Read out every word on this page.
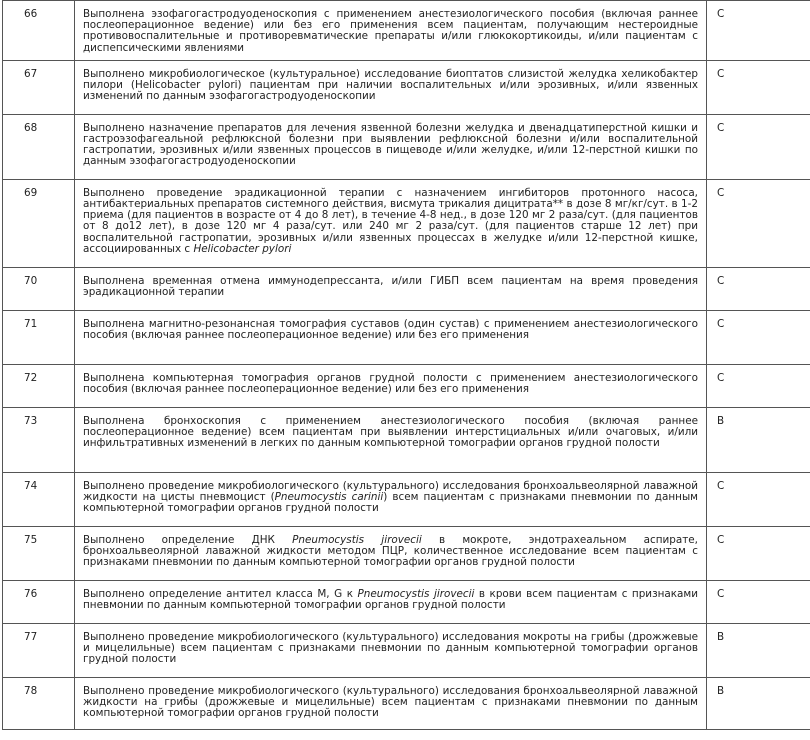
66	Выполнена эзофагогастродуоденоскопия с применением анестезиологического пособия (включая раннее послеоперационное ведение) или без его применения всем пациентам, получающим нестероидные противовоспалительные и противоревматические препараты и/или глюкокортикоиды, и/или пациентам с диспепсическими явлениями	С
67	Выполнено микробиологическое (культуральное) исследование биоптатов слизистой желудка хеликобактер пилори (Helicobacter pylori) пациентам при наличии воспалительных и/или эрозивных, и/или язвенных изменений по данным эзофагогастродуоденоскопии	С
68	Выполнено назначение препаратов для лечения язвенной болезни желудка и двенадцатиперстной кишки и гастроэзофагеальной рефлюксной болезни при выявлении рефлюксной болезни и/или воспалительной гастропатии, эрозивных и/или язвенных процессов в пищеводе и/или желудке, и/или 12-перстной кишки по данным эзофагогастродуоденоскопии	С
69	Выполнено проведение эрадикационной терапии с назначением ингибиторов протонного насоса, антибактериальных препаратов системного действия, висмута трикалия дицитрата** в дозе 8 мг/кг/сут. в 1-2 приема (для пациентов в возрасте от 4 до 8 лет), в течение 4-8 нед., в дозе 120 мг 2 раза/сут. (для пациентов от 8 до12 лет), в дозе 120 мг 4 раза/сут. или 240 мг 2 раза/сут. (для пациентов старше 12 лет) при воспалительной гастропатии, эрозивных и/или язвенных процессах в желудке и/или 12-перстной кишке, ассоциированных с Helicobacter pylori	С
70	Выполнена временная отмена иммунодепрессанта, и/или ГИБП всем пациентам на время проведения эрадикационной терапии	С
71	Выполнена магнитно-резонансная томография суставов (один сустав) с применением анестезиологического пособия (включая раннее послеоперационное ведение) или без его применения	С
72	Выполнена компьютерная томография органов грудной полости с применением анестезиологического пособия (включая раннее послеоперационное ведение) или без его применения	С
73	Выполнена бронхоскопия с применением анестезиологического пособия (включая раннее послеоперационное ведение) всем пациентам при выявлении интерстициальных и/или очаговых, и/или инфильтративных изменений в легких по данным компьютерной томографии органов грудной полости	В
74	Выполнено проведение микробиологического (культурального) исследования бронхоальвеолярной лаважной жидкости на цисты пневмоцист (Pneumocystis carinii) всем пациентам с признаками пневмонии по данным компьютерной томографии органов грудной полости	С
75	Выполнено определение ДНК Pneumocystis jirovecii в мокроте, эндотрахеальном аспирате, бронхоальвеолярной лаважной жидкости методом ПЦР, количественное исследование всем пациентам с признаками пневмонии по данным компьютерной томографии органов грудной полости	С
76	Выполнено определение антител класса M, G к Pneumocystis jirovecii в крови всем пациентам с признаками пневмонии по данным компьютерной томографии органов грудной полости	С
77	Выполнено проведение микробиологического (культурального) исследования мокроты на грибы (дрожжевые и мицелильные) всем пациентам с признаками пневмонии по данным компьютерной томографии органов грудной полости	В
78	Выполнено проведение микробиологического (культурального) исследования бронхоальвеолярной лаважной жидкости на грибы (дрожжевые и мицелильные) всем пациентам с признаками пневмонии по данным компьютерной томографии органов грудной полости	В
